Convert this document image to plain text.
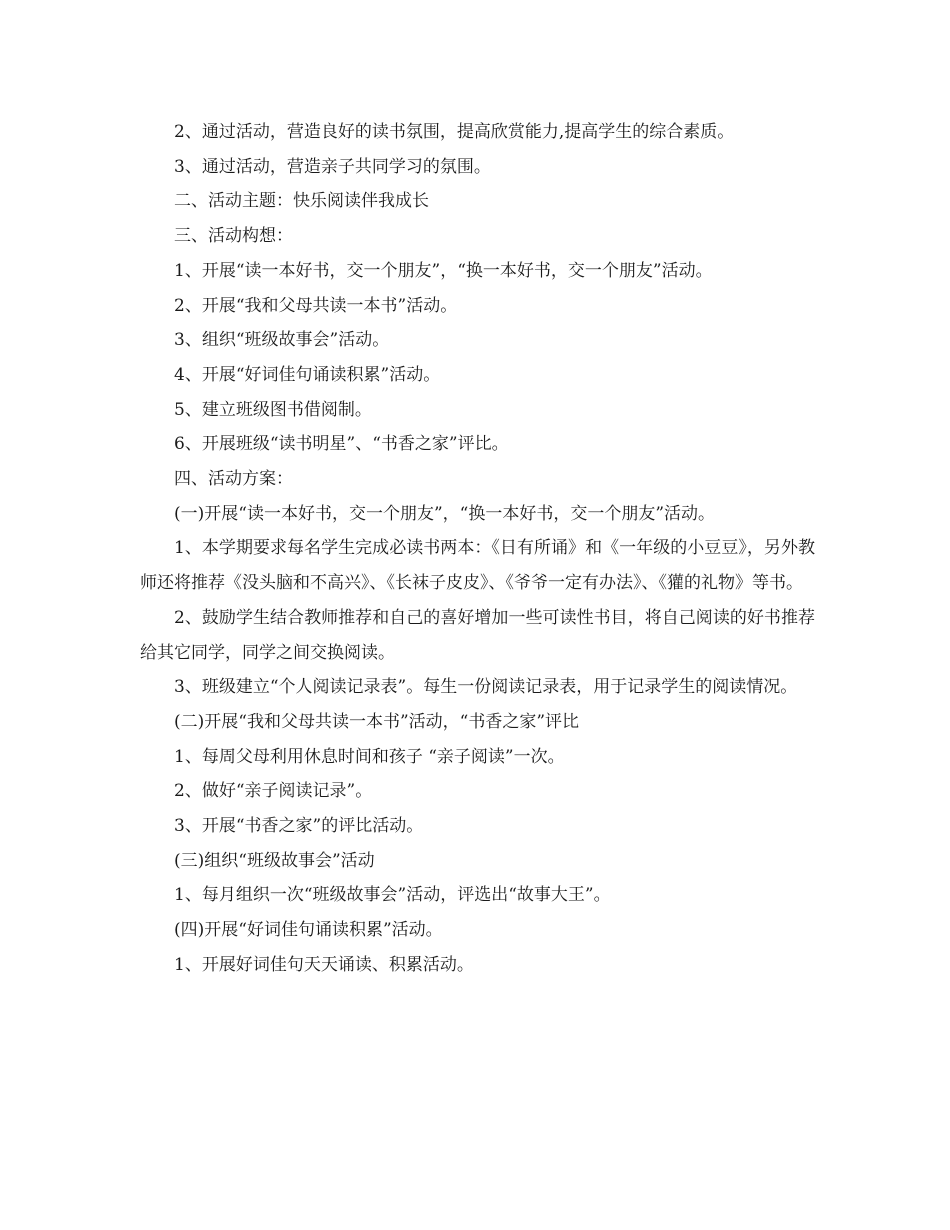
2、通过活动，营造良好的读书氛围，提高欣赏能力,提高学生的综合素质。

3、通过活动，营造亲子共同学习的氛围。

二、活动主题：快乐阅读伴我成长

三、活动构想：

1、开展“读一本好书，交一个朋友”，“换一本好书，交一个朋友”活动。

2、开展“我和父母共读一本书”活动。

3、组织“班级故事会”活动。

4、开展“好词佳句诵读积累”活动。

5、建立班级图书借阅制。

6、开展班级“读书明星”、“书香之家”评比。

四、活动方案：

(一)开展“读一本好书，交一个朋友”，“换一本好书，交一个朋友”活动。

1、本学期要求每名学生完成必读书两本：《日有所诵》和《一年级的小豆豆》，另外教师还将推荐《没头脑和不高兴》、《长袜子皮皮》、《爷爷一定有办法》、《獾的礼物》等书。

2、鼓励学生结合教师推荐和自己的喜好增加一些可读性书目，将自己阅读的好书推荐给其它同学，同学之间交换阅读。

3、班级建立“个人阅读记录表”。每生一份阅读记录表，用于记录学生的阅读情况。

(二)开展“我和父母共读一本书”活动，“书香之家”评比

1、每周父母利用休息时间和孩子 “亲子阅读”一次。

2、做好“亲子阅读记录”。

3、开展“书香之家”的评比活动。

(三)组织“班级故事会”活动

1、每月组织一次“班级故事会”活动，评选出“故事大王”。

(四)开展“好词佳句诵读积累”活动。

1、开展好词佳句天天诵读、积累活动。
